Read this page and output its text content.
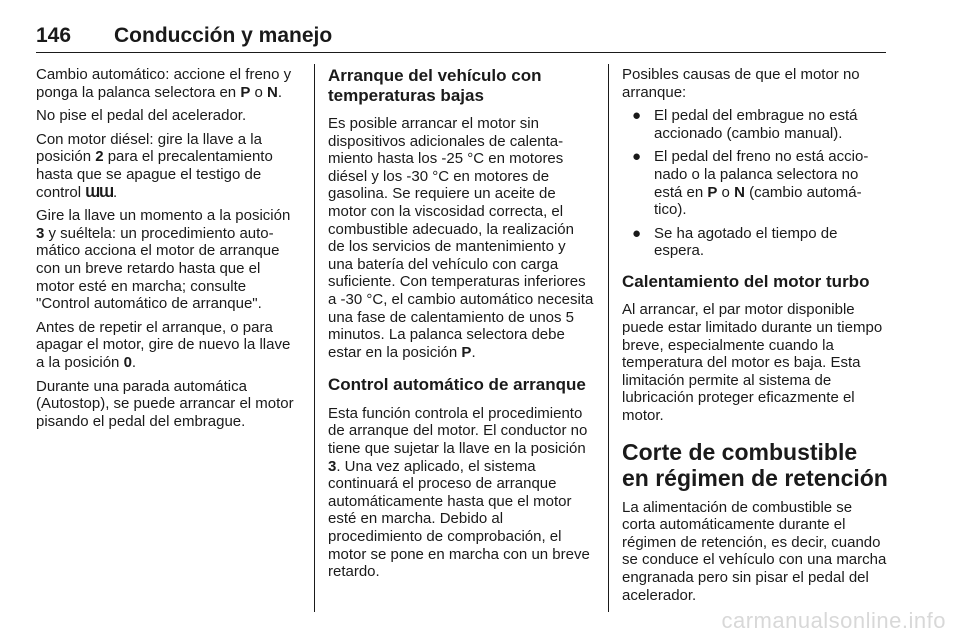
146 Conducción y manejo

Cambio automático: accione el freno y ponga la palanca selectora en P o N.

No pise el pedal del acelerador.

Con motor diésel: gire la llave a la posición 2 para el precalentamiento hasta que se apague el testigo de control ƜƜ.

Gire la llave un momento a la posición 3 y suéltela: un procedimiento automático acciona el motor de arranque con un breve retardo hasta que el motor esté en marcha; consulte "Control automático de arranque".

Antes de repetir el arranque, o para apagar el motor, gire de nuevo la llave a la posición 0.

Durante una parada automática (Autostop), se puede arrancar el motor pisando el pedal del embrague.

Arranque del vehículo con temperaturas bajas

Es posible arrancar el motor sin dispositivos adicionales de calentamiento hasta los -25 °C en motores diésel y los -30 °C en motores de gasolina. Se requiere un aceite de motor con la viscosidad correcta, el combustible adecuado, la realización de los servicios de mantenimiento y una batería del vehículo con carga suficiente. Con temperaturas inferiores a -30 °C, el cambio automático necesita una fase de calentamiento de unos 5 minutos. La palanca selectora debe estar en la posición P.

Control automático de arranque

Esta función controla el procedimiento de arranque del motor. El conductor no tiene que sujetar la llave en la posición 3. Una vez aplicado, el sistema continuará el proceso de arranque automáticamente hasta que el motor esté en marcha. Debido al procedimiento de comprobación, el motor se pone en marcha con un breve retardo.

Posibles causas de que el motor no arranque:

● El pedal del embrague no está accionado (cambio manual).
● El pedal del freno no está accionado o la palanca selectora no está en P o N (cambio automático).
● Se ha agotado el tiempo de espera.
Calentamiento del motor turbo

Al arrancar, el par motor disponible puede estar limitado durante un tiempo breve, especialmente cuando la temperatura del motor es baja. Esta limitación permite al sistema de lubricación proteger eficazmente el motor.

Corte de combustible en régimen de retención

La alimentación de combustible se corta automáticamente durante el régimen de retención, es decir, cuando se conduce el vehículo con una marcha engranada pero sin pisar el pedal del acelerador.

carmanualsonline.info
